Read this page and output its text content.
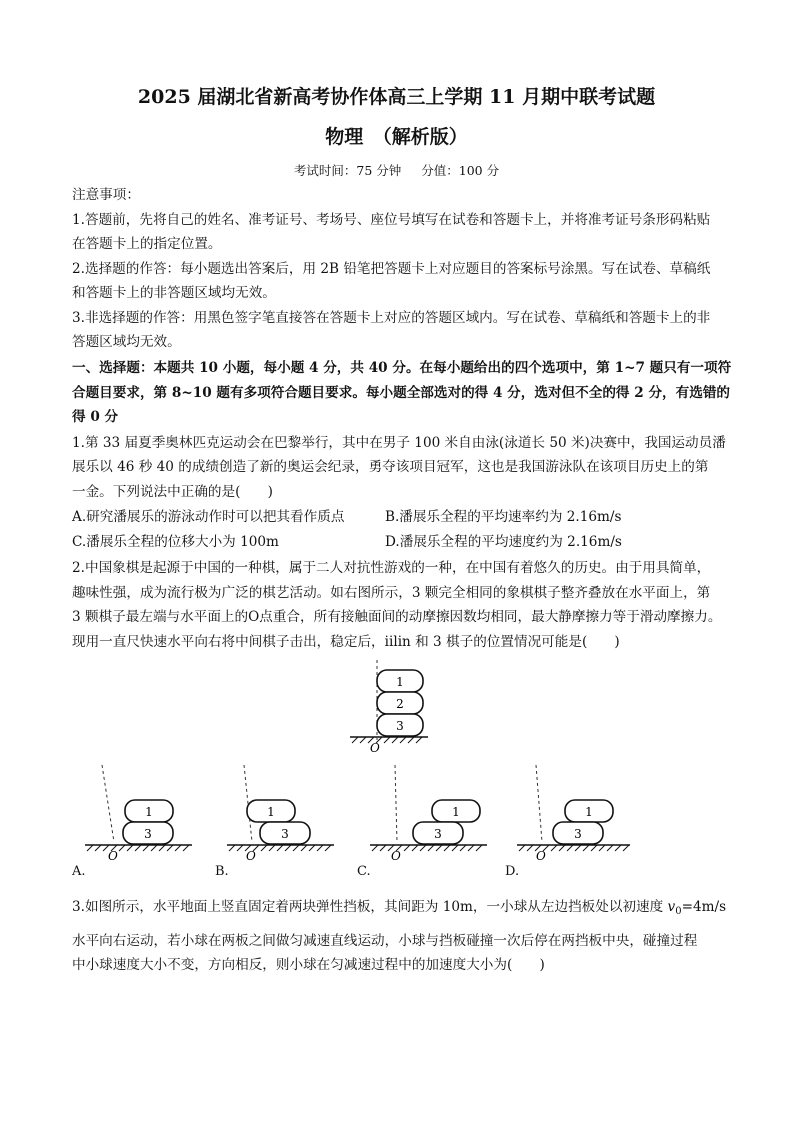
2025 届湖北省新高考协作体高三上学期 11 月期中联考试题
物理　（解析版）
考试时间：75 分钟 分值：100 分
注意事项：
1.答题前，先将自己的姓名、准考证号、考场号、座位号填写在试卷和答题卡上，并将准考证号条形码粘贴
在答题卡上的指定位置。
2.选择题的作答：每小题选出答案后，用 2B 铅笔把答题卡上对应题目的答案标号涂黑。写在试卷、草稿纸
和答题卡上的非答题区域均无效。
3.非选择题的作答：用黑色签字笔直接答在答题卡上对应的答题区域内。写在试卷、草稿纸和答题卡上的非
答题区域均无效。
一、选择题：本题共 10 小题，每小题 4 分，共 40 分。在每小题给出的四个选项中，第 1~7 题只有一项符
合题目要求，第 8~10 题有多项符合题目要求。每小题全部选对的得 4 分，选对但不全的得 2 分，有选错的
得 0 分
1.第 33 届夏季奥林匹克运动会在巴黎举行，其中在男子 100 米自由泳(泳道长 50 米)决赛中，我国运动员潘
展乐以 46 秒 40 的成绩创造了新的奥运会纪录，勇夺该项目冠军，这也是我国游泳队在该项目历史上的第
一金。下列说法中正确的是(　　)
A.研究潘展乐的游泳动作时可以把其看作质点	B.潘展乐全程的平均速率约为 2.16m/s
C.潘展乐全程的位移大小为 100m	D.潘展乐全程的平均速度约为 2.16m/s
2.中国象棋是起源于中国的一种棋，属于二人对抗性游戏的一种，在中国有着悠久的历史。由于用具简单，
趣味性强，成为流行极为广泛的棋艺活动。如右图所示，3 颗完全相同的象棋棋子整齐叠放在水平面上，第
3 颗棋子最左端与水平面上的O点重合，所有接触面间的动摩擦因数均相同，最大静摩擦力等于滑动摩擦力。
现用一直尺快速水平向右将中间棋子击出，稳定后，iilin 和 3 棋子的位置情况可能是(　　)
1
2
3
O
1
3
O
A.
1
3
O
B.
1
3
O
C.
1
3
O
D.
3.如图所示，水平地面上竖直固定着两块弹性挡板，其间距为 10m，一小球从左边挡板处以初速度 $v_0=4m/s$
水平向右运动，若小球在两板之间做匀减速直线运动，小球与挡板碰撞一次后停在两挡板中央，碰撞过程
中小球速度大小不变，方向相反，则小球在匀减速过程中的加速度大小为(　　)
